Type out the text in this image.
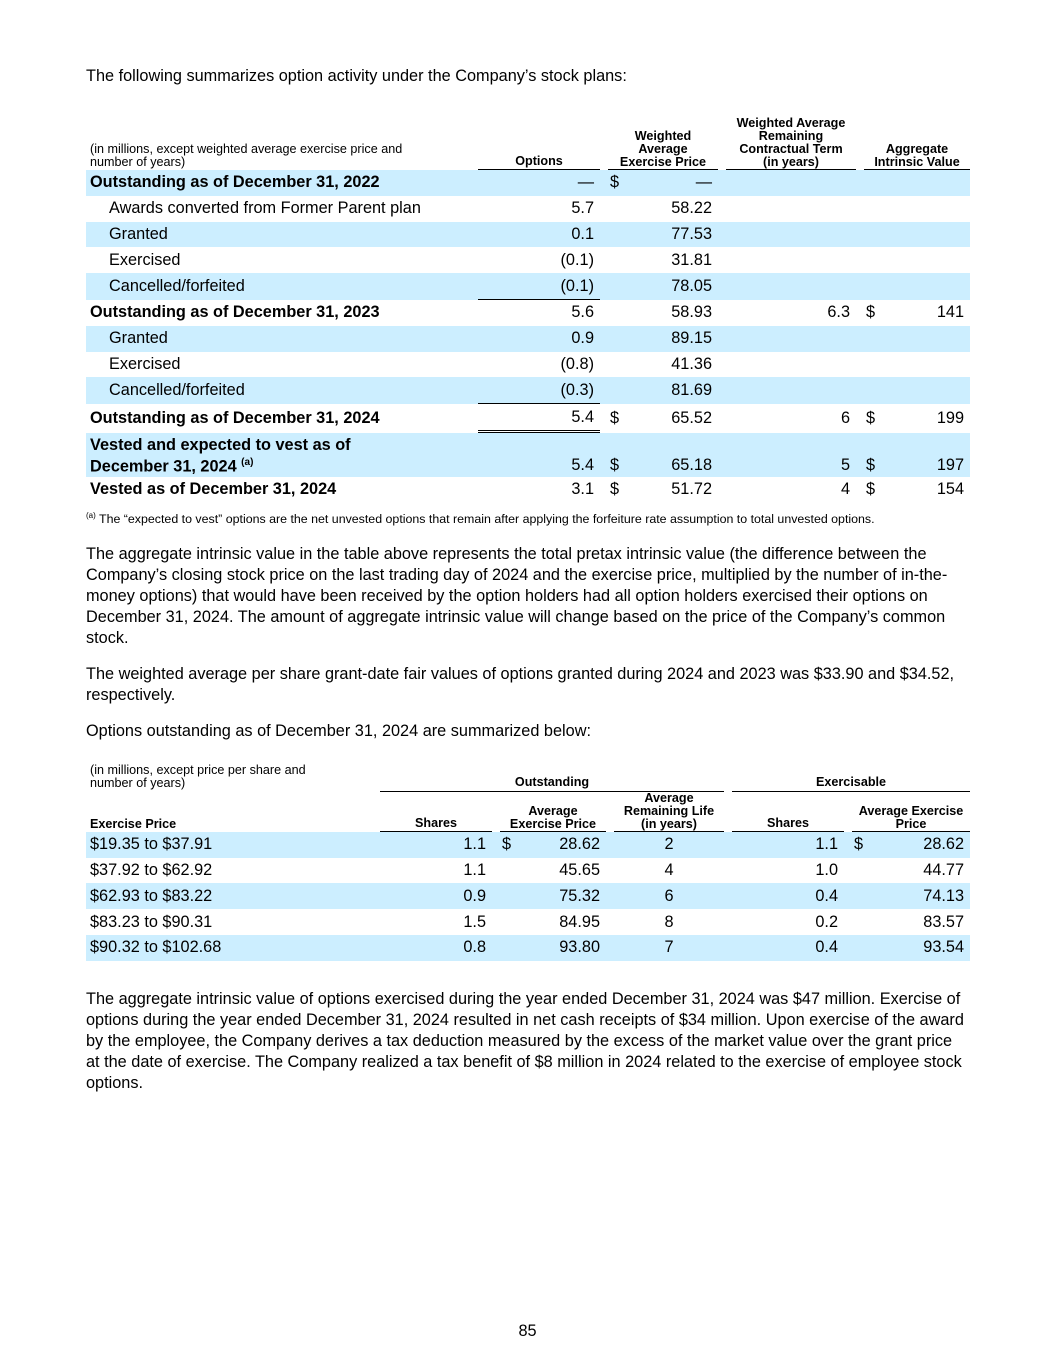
The following summarizes option activity under the Company’s stock plans:

(in millions, except weighted average exercise price and number of years)	Options		Weighted Average Exercise Price			Weighted Average Remaining Contractual Term (in years)		Aggregate Intrinsic Value	
Outstanding as of December 31, 2022	—		$	—					
Awards converted from Former Parent plan	5.7			58.22					
Granted	0.1			77.53					
Exercised	(0.1)			31.81					
Cancelled/forfeited	(0.1)			78.05					
Outstanding as of December 31, 2023	5.6			58.93		6.3		$	141
Granted	0.9			89.15					
Exercised	(0.8)			41.36					
Cancelled/forfeited	(0.3)			81.69					
Outstanding as of December 31, 2024	5.4		$	65.52		6		$	199
Vested and expected to vest as of
December 31, 2024 $^{(a)}$	5.4		$	65.18		5		$	197
Vested as of December 31, 2024	3.1		$	51.72		4		$	154

$^{(a)}$ The “expected to vest” options are the net unvested options that remain after applying the forfeiture rate assumption to total unvested options.

The aggregate intrinsic value in the table above represents the total pretax intrinsic value (the difference between the Company’s closing stock price on the last trading day of 2024 and the exercise price, multiplied by the number of in-the-money options) that would have been received by the option holders had all option holders exercised their options on December 31, 2024. The amount of aggregate intrinsic value will change based on the price of the Company’s common stock.

The weighted average per share grant-date fair values of options granted during 2024 and 2023 was $33.90 and $34.52, respectively.

Options outstanding as of December 31, 2024 are summarized below:

(in millions, except price per share and number of years)	Outstanding							Exercisable			
Exercise Price	Shares		Average Exercise Price			Average Remaining Life (in years)		Shares		Average Exercise Price	
$19.35 to $37.91	1.1		$	28.62		2		1.1		$	28.62
$37.92 to $62.92	1.1			45.65		4		1.0			44.77
$62.93 to $83.22	0.9			75.32		6		0.4			74.13
$83.23 to $90.31	1.5			84.95		8		0.2			83.57
$90.32 to $102.68	0.8			93.80		7		0.4			93.54

The aggregate intrinsic value of options exercised during the year ended December 31, 2024 was $47 million. Exercise of options during the year ended December 31, 2024 resulted in net cash receipts of $34 million. Upon exercise of the award by the employee, the Company derives a tax deduction measured by the excess of the market value over the grant price at the date of exercise. The Company realized a tax benefit of $8 million in 2024 related to the exercise of employee stock options.

85
